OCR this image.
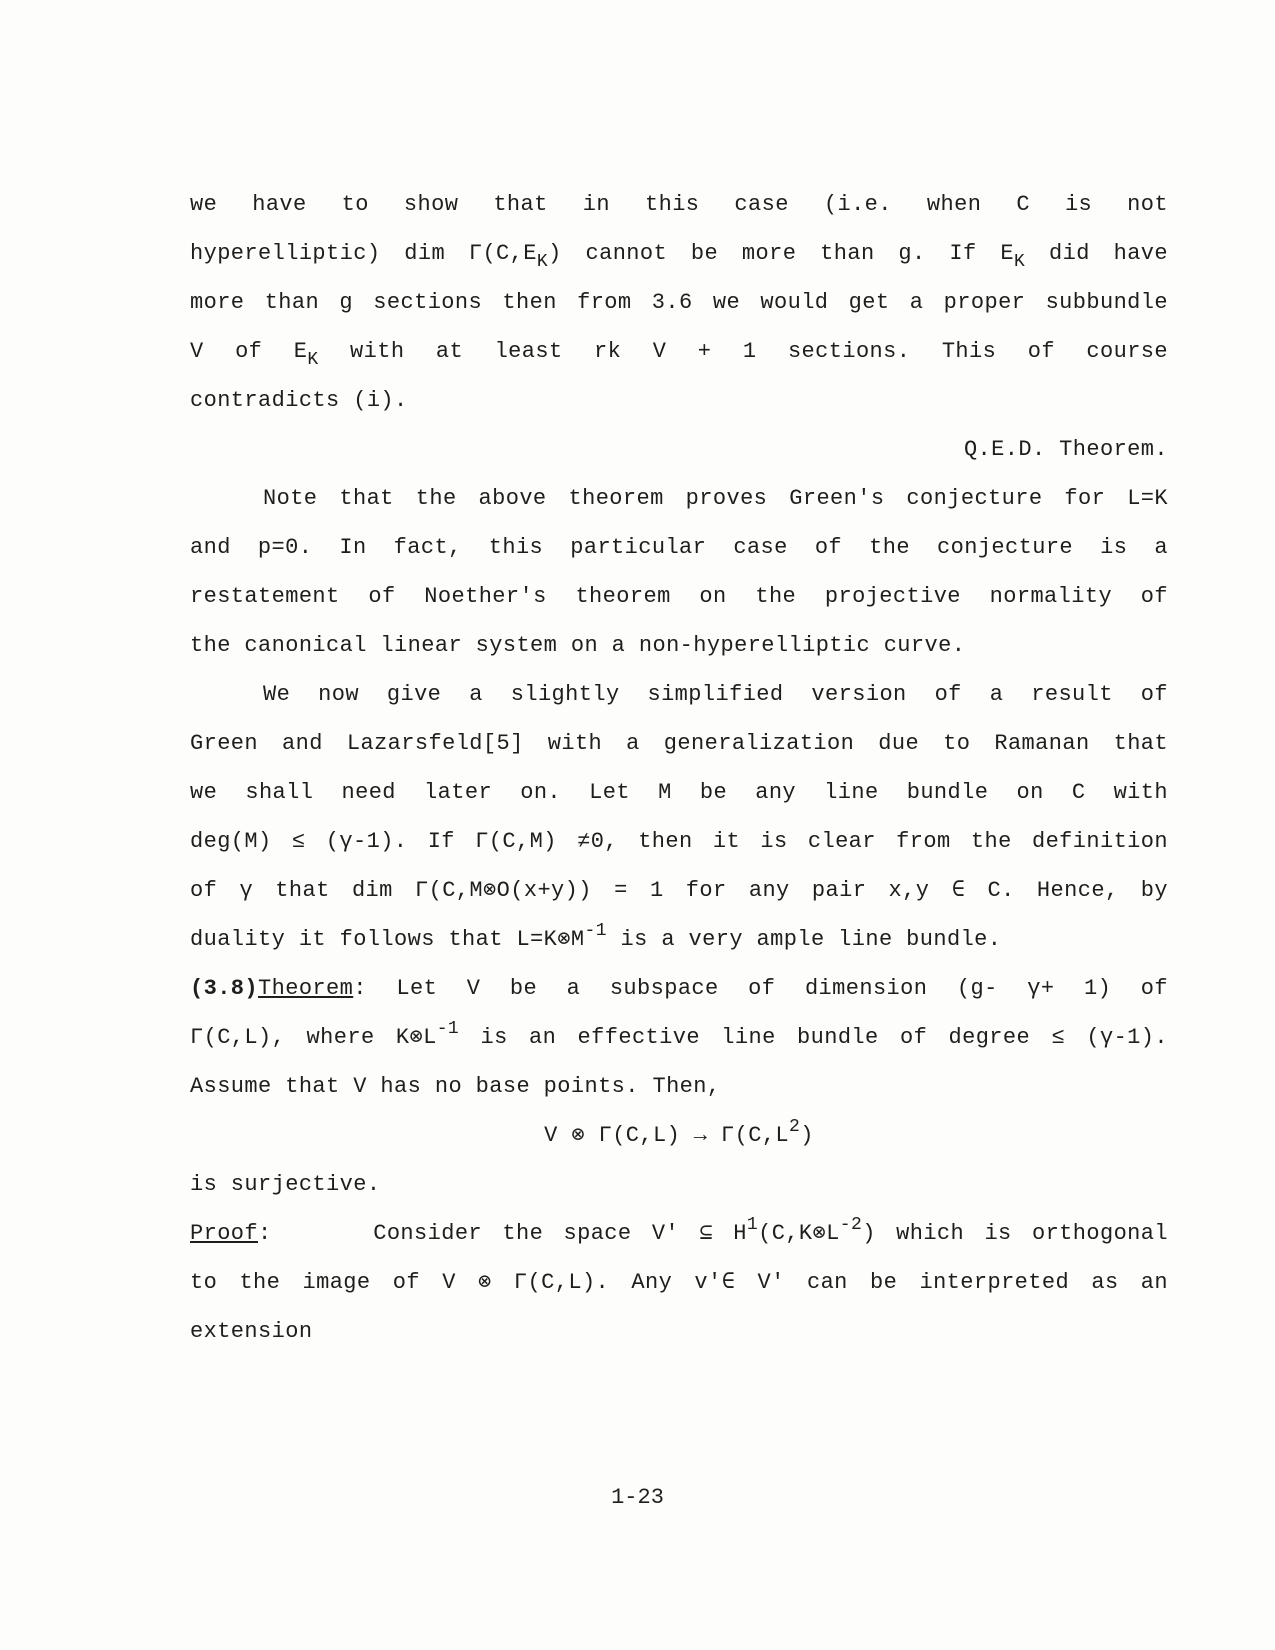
we have to show that in this case (i.e. when C is not
hyperelliptic) dim $\Gamma(C,E_K)$ cannot be more than g. If $E_K$ did have
more than g sections then from 3.6 we would get a proper subbundle
V of $E_K$ with at least rk V + 1 sections. This of course
contradicts (i).
Q.E.D. Theorem.
Note that the above theorem proves Green's conjecture for L=K
and p=0. In fact, this particular case of the conjecture is a
restatement of Noether's theorem on the projective normality of
the canonical linear system on a non-hyperelliptic curve.
We now give a slightly simplified version of a result of
Green and Lazarsfeld[5] with a generalization due to Ramanan that
we shall need later on. Let M be any line bundle on C with
deg(M) ≤ (γ-1). If Γ(C,M) ≠0, then it is clear from the definition
of γ that dim Γ(C,M⊗O(x+y)) = 1 for any pair x,y ∈ C. Hence, by
duality it follows that $L=K\otimes M^{-1}$ is a very ample line bundle.
(3.8)Theorem: Let V be a subspace of dimension (g- γ+ 1) of
Γ(C,L), where $K\otimes L^{-1}$ is an effective line bundle of degree ≤ (γ-1).
Assume that V has no base points. Then,
V ⊗ $\Gamma(C,L) \to \Gamma(C,L^2)$
is surjective.
Proof:     Consider the space V' ⊆ $H^1(C,K\otimes L^{-2})$ which is orthogonal
to the image of V ⊗ Γ(C,L). Any v'∈ V' can be interpreted as an
extension
1-23
